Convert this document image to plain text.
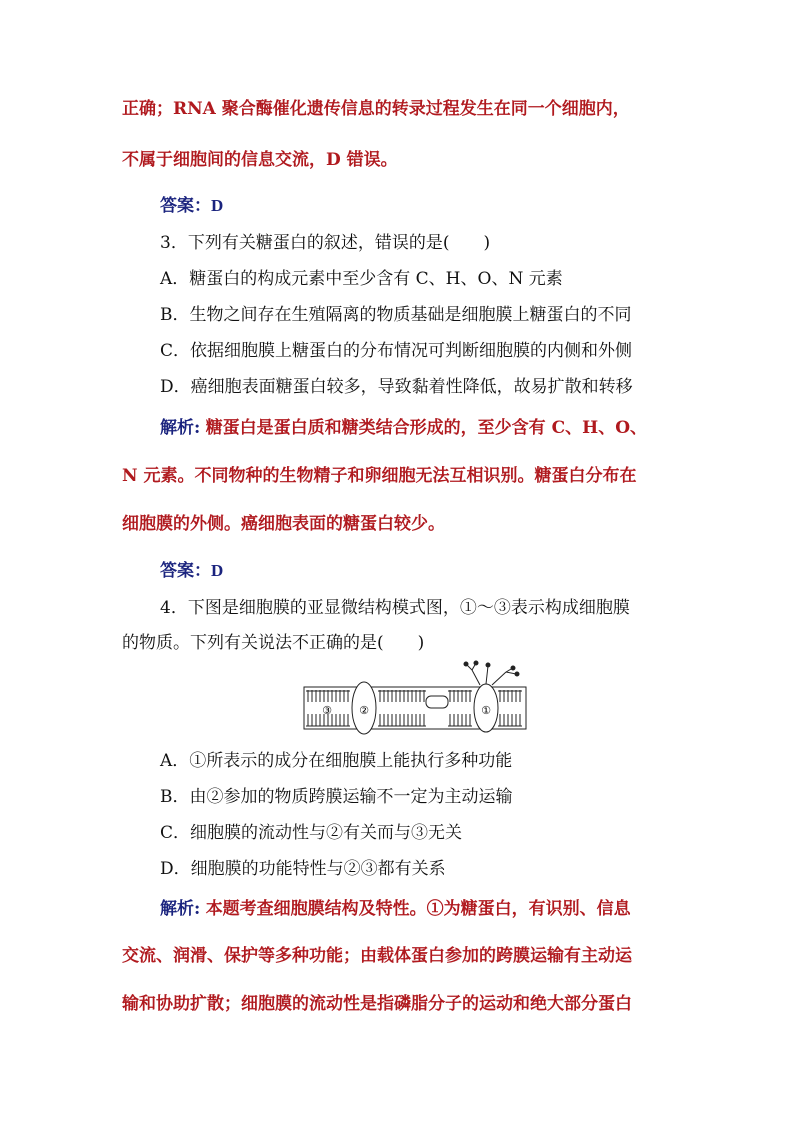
正确；RNA 聚合酶催化遗传信息的转录过程发生在同一个细胞内，
不属于细胞间的信息交流，D 错误。
答案：D
3．下列有关糖蛋白的叙述，错误的是(　　)
A．糖蛋白的构成元素中至少含有 C、H、O、N 元素
B．生物之间存在生殖隔离的物质基础是细胞膜上糖蛋白的不同
C．依据细胞膜上糖蛋白的分布情况可判断细胞膜的内侧和外侧
D．癌细胞表面糖蛋白较多，导致黏着性降低，故易扩散和转移
解析: 糖蛋白是蛋白质和糖类结合形成的，至少含有 C、H、O、
N 元素。不同物种的生物精子和卵细胞无法互相识别。糖蛋白分布在
细胞膜的外侧。癌细胞表面的糖蛋白较少。
答案：D
4．下图是细胞膜的亚显微结构模式图，①～③表示构成细胞膜
的物质。下列有关说法不正确的是(　　)
②	①
③
A．①所表示的成分在细胞膜上能执行多种功能
B．由②参加的物质跨膜运输不一定为主动运输
C．细胞膜的流动性与②有关而与③无关
D．细胞膜的功能特性与②③都有关系
解析: 本题考查细胞膜结构及特性。①为糖蛋白，有识别、信息
交流、润滑、保护等多种功能；由载体蛋白参加的跨膜运输有主动运
输和协助扩散；细胞膜的流动性是指磷脂分子的运动和绝大部分蛋白
